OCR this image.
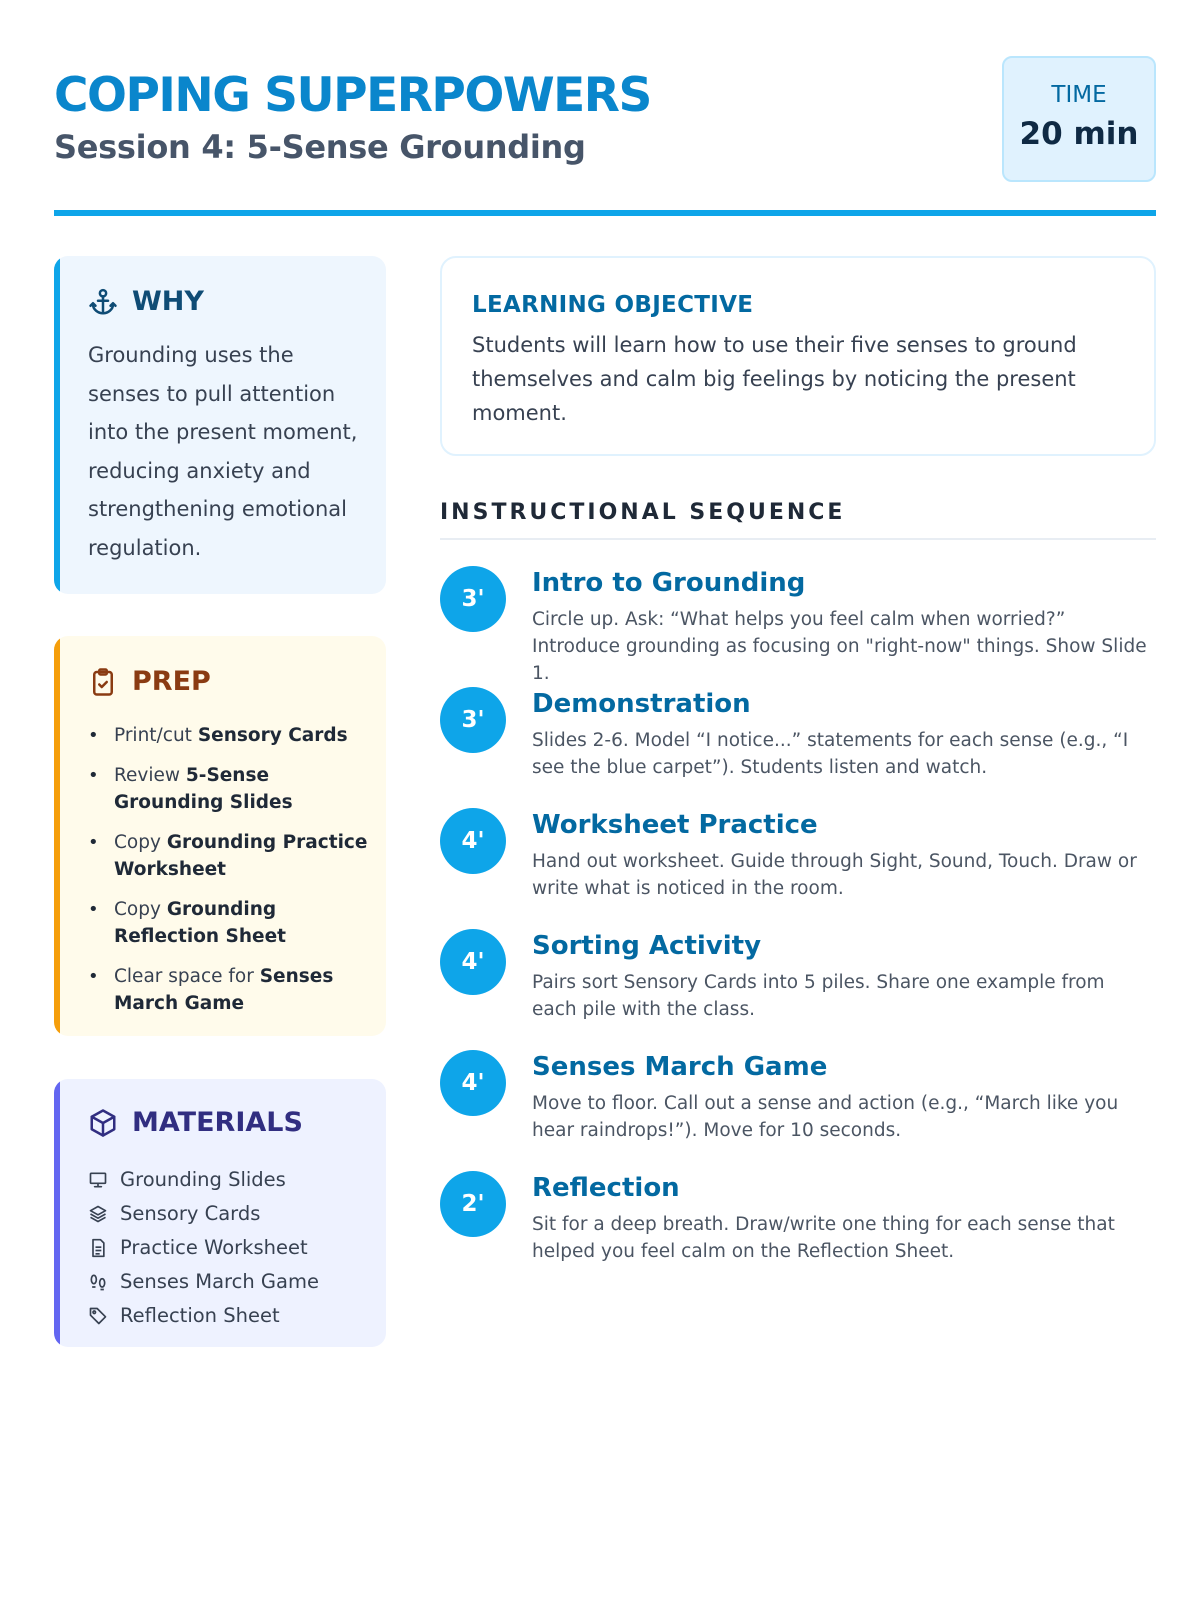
COPING SUPERPOWERS
Session 4: 5-Sense Grounding
TIME
20 min
WHY
Grounding uses the senses to pull attention into the present moment, reducing anxiety and strengthening emotional regulation.
PREP
• Print/cut Sensory Cards
• Review 5-Sense Grounding Slides
• Copy Grounding Practice Worksheet
• Copy Grounding Reflection Sheet
• Clear space for Senses March Game
MATERIALS
Grounding Slides
Sensory Cards
Practice Worksheet
Senses March Game
Reflection Sheet
LEARNING OBJECTIVE
Students will learn how to use their five senses to ground themselves and calm big feelings by noticing the present moment.
INSTRUCTIONAL SEQUENCE
3'
Intro to Grounding
Circle up. Ask: “What helps you feel calm when worried?” Introduce grounding as focusing on "right-now" things. Show Slide 1.
3'
Demonstration
Slides 2-6. Model “I notice...” statements for each sense (e.g., “I see the blue carpet”). Students listen and watch.
4'
Worksheet Practice
Hand out worksheet. Guide through Sight, Sound, Touch. Draw or write what is noticed in the room.
4'
Sorting Activity
Pairs sort Sensory Cards into 5 piles. Share one example from each pile with the class.
4'
Senses March Game
Move to floor. Call out a sense and action (e.g., “March like you hear raindrops!”). Move for 10 seconds.
2'
Reflection
Sit for a deep breath. Draw/write one thing for each sense that helped you feel calm on the Reflection Sheet.
